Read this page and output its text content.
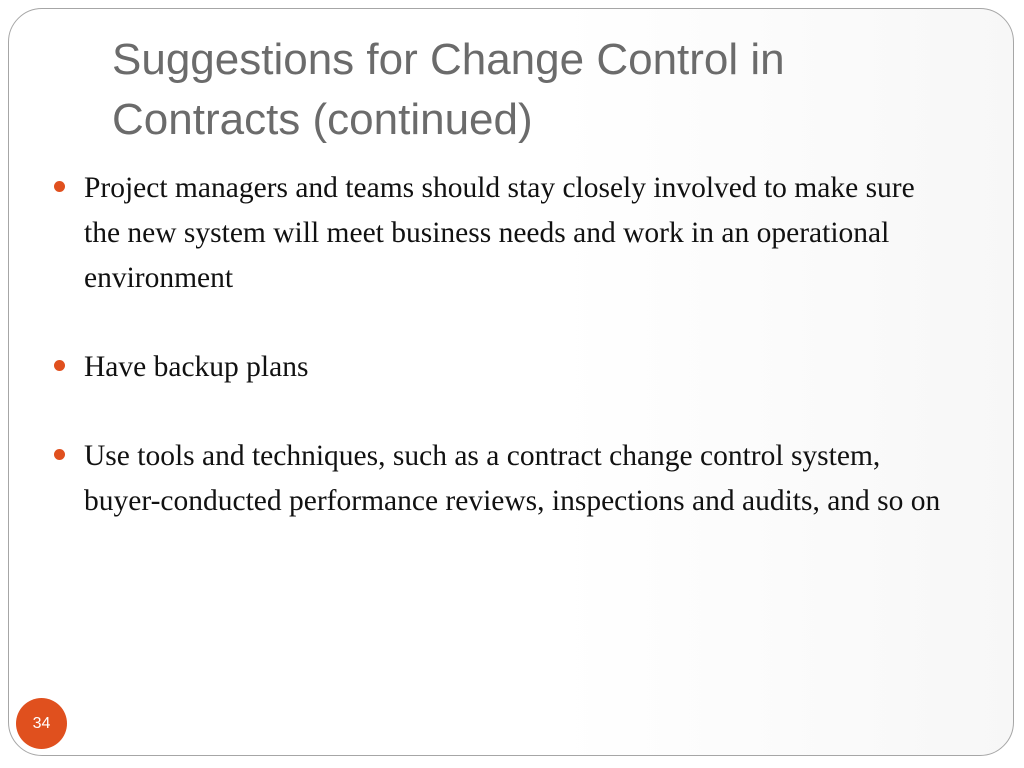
Suggestions for Change Control in
Contracts (continued)
Project managers and teams should stay closely involved to make sure the new system will meet business needs and work in an operational environment
Have backup plans
Use tools and techniques, such as a contract change control system, buyer-conducted performance reviews, inspections and audits, and so on
34
